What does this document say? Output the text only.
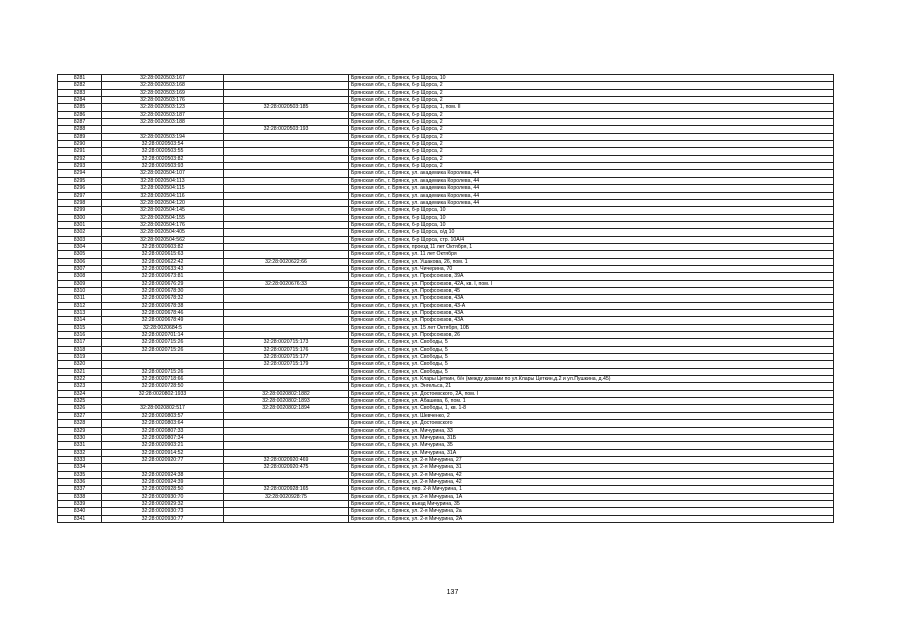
8281	32:28:0020503:167		Брянская обл., г. Брянск, б-р Щорса, 10
8282	32:28:0020503:168		Брянская обл., г. Брянск, б-р Щорса, 2
8283	32:28:0020503:169		Брянская обл., г. Брянск, б-р Щорса, 2
8284	32:28:0020503:176		Брянская обл., г. Брянск, б-р Щорса, 2
8285	32:28:0020503:123	32:28:0020503:185	Брянская обл., г. Брянск, б-р Щорса, 1, пом. II
8286	32:28:0020503:187		Брянская обл., г. Брянск, б-р Щорса, 2
8287	32:28:0020503:188		Брянская обл., г. Брянск, б-р Щорса, 2
8288		32:28:0020503:193	Брянская обл., г. Брянск, б-р Щорса, 2
8289	32:28:0020503:194		Брянская обл., г. Брянск, б-р Щорса, 2
8290	32:28:0020503:54		Брянская обл., г. Брянск, б-р Щорса, 2
8291	32:28:0020503:55		Брянская обл., г. Брянск, б-р Щорса, 2
8292	32:28:0020503:82		Брянская обл., г. Брянск, б-р Щорса, 2
8293	32:28:0020503:93		Брянская обл., г. Брянск, б-р Щорса, 2
8294	32:28:0020504:107		Брянская обл., г. Брянск, ул. академика Королева, 44
8295	32:28:0020504:113		Брянская обл., г. Брянск, ул. академика Королева, 44
8296	32:28:0020504:115		Брянская обл., г. Брянск, ул. академика Королева, 44
8297	32:28:0020504:116		Брянская обл., г. Брянск, ул. академика Королева, 44
8298	32:28:0020504:120		Брянская обл., г. Брянск, ул. академика Королева, 44
8299	32:28:0020504:145		Брянская обл., г. Брянск, б-р Щорса, 10
8300	32:28:0020504:155		Брянская обл., г. Брянск, б-р Щорса, 10
8301	32:28:0020504:176		Брянская обл., г. Брянск, б-р Щорса, 10
8302	32:28:0020504:405		Брянская обл., г. Брянск, б-р Щорса, о/д 10
8303	32:28:0020504:562		Брянская обл., г. Брянск, б-р Щорса, стр. 10А/4
8304	32:28:0020603:82		Брянская обл., г. Брянск, проезд 11 лет Октября, 1
8305	32:28:0020615:63		Брянская обл., г. Брянск, ул. 11 лет Октября
8306	32:28:0020622:42	32:28:0020622:66	Брянская обл., г. Брянск, ул. Ушакова, 26, пом. 1
8307	32:28:0020633:43		Брянская обл., г. Брянск, ул. Чичерина, 70
8308	32:28:0020673:81		Брянская обл., г. Брянск, ул. Профсоюзов, 39А
8309	32:28:0020676:29	32:28:0020676:33	Брянская обл., г. Брянск, ул. Профсоюзов, 42А, кв. I, пом. I
8310	32:28:0020678:30		Брянская обл., г. Брянск, ул. Профсоюзов, 45
8311	32:28:0020678:32		Брянская обл., г. Брянск, ул. Профсоюзов, 43А
8312	32:28:0020678:38		Брянская обл., г. Брянск, ул. Профсоюзов, 43-А
8313	32:28:0020678:46		Брянская обл., г. Брянск, ул. Профсоюзов, 43А
8314	32:28:0020678:49		Брянская обл., г. Брянск, ул. Профсоюзов, 43А
8315	32:28:0020684:5		Брянская обл., г. Брянск, ул. 15 лет Октября, 10Б
8316	32:28:0020701:14		Брянская обл., г. Брянск, ул. Профсоюзов, 26
8317	32:28:0020715:26	32:28:0020715:173	Брянская обл., г. Брянск, ул. Свободы, 5
8318	32:28:0020715:26	32:28:0020715:176	Брянская обл., г. Брянск, ул. Свободы, 5
8319		32:28:0020715:177	Брянская обл., г. Брянск, ул. Свободы, 5
8320		32:28:0020715:179	Брянская обл., г. Брянск, ул. Свободы, 5
8321	32:28:0020715:26		Брянская обл., г. Брянск, ул. Свободы, 5
8322	32:28:0020718:66		Брянская обл., г. Брянск, ул. Клары Цеткин, б/н (между домами по ул.Клары Цеткин,д.2 и ул.Пушкина, д.45)
8323	32:28:0020728:50		Брянская обл., г. Брянск, ул. Энгельса, 21
8324	32:28:0020802:1933	32:28:0020802:1882	Брянская обл., г. Брянск, ул. Достоевского, 2А, пом. I
8325		32:28:0020802:1893	Брянская обл., г. Брянск, ул. Абашева, 6, пом. 1
8326	32:28:0020802:517	32:28:0020802:1894	Брянская обл., г. Брянск, ул. Свободы, 1, кв. 1-8
8327	32:28:0020803:57		Брянская обл., г. Брянск, ул. Шевченко, 2
8328	32:28:0020803:64		Брянская обл., г. Брянск, ул. Достоевского
8329	32:28:0020807:33		Брянская обл., г. Брянск, ул. Мичурина, 33
8330	32:28:0020807:34		Брянская обл., г. Брянск, ул. Мичурина, 31Б
8331	32:28:0020903:21		Брянская обл., г. Брянск, ул. Мичурина, 35
8332	32:28:0020914:52		Брянская обл., г. Брянск, ул. Мичурина, 31А
8333	32:28:0020920:77	32:28:0020920:469	Брянская обл., г. Брянск, ул. 2-я Мичурина, 27
8334		32:28:0020920:475	Брянская обл., г. Брянск, ул. 2-я Мичурина, 31
8335	32:28:0020924:38		Брянская обл., г. Брянск, ул. 2-я Мичурина, 42
8336	32:28:0020924:39		Брянская обл., г. Брянск, ул. 2-я Мичурина, 42
8337	32:28:0020928:50	32:28:0020928:165	Брянская обл., г. Брянск, пер. 2-й Мичурина, 1
8338	32:28:0020930:70	32:28:0020928:75	Брянская обл., г. Брянск, ул. 2-я Мичурина, 1А
8339	32:28:0020929:32		Брянская обл., г. Брянск, въезд Мичурина, 35
8340	32:28:0020930:73		Брянская обл., г. Брянск, ул. 2-я Мичурина, 2а
8341	32:28:0020930:77		Брянская обл., г. Брянск, ул. 2-я Мичурина, 2А
137
